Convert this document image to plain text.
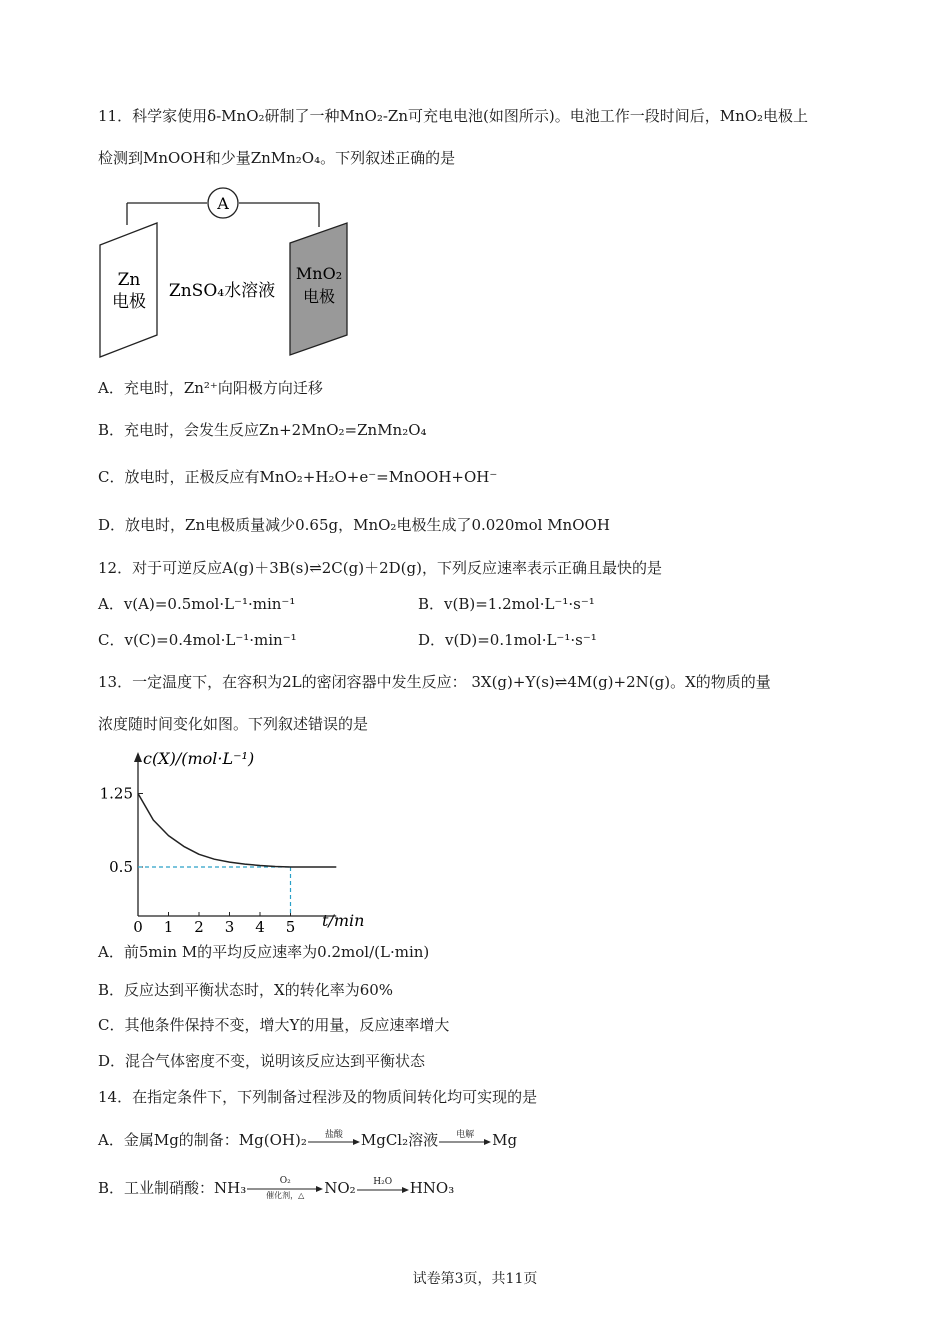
11．科学家使用δ-MnO₂研制了一种MnO₂-Zn可充电电池(如图所示)。电池工作一段时间后，MnO₂电极上
检测到MnOOH和少量ZnMn₂O₄。下列叙述正确的是
A
Zn
电极
ZnSO₄水溶液
MnO₂
电极
A．充电时，Zn²⁺向阳极方向迁移
B．充电时，会发生反应Zn+2MnO₂=ZnMn₂O₄
C．放电时，正极反应有MnO₂+H₂O+e⁻=MnOOH+OH⁻
D．放电时，Zn电极质量减少0.65g，MnO₂电极生成了0.020mol MnOOH
12．对于可逆反应A(g)＋3B(s)⇌2C(g)＋2D(g)，下列反应速率表示正确且最快的是
A．v(A)=0.5mol·L⁻¹·min⁻¹	B．v(B)=1.2mol·L⁻¹·s⁻¹
C．v(C)=0.4mol·L⁻¹·min⁻¹	D．v(D)=0.1mol·L⁻¹·s⁻¹
13．一定温度下，在容积为2L的密闭容器中发生反应： 3X(g)+Y(s)⇌4M(g)+2N(g)。X的物质的量
浓度随时间变化如图。下列叙述错误的是
c(X)/(mol·L⁻¹)
t/min
0 1 2 3 4 5
1.25
0.5
A．前5min M的平均反应速率为0.2mol/(L·min)
B．反应达到平衡状态时，X的转化率为60%
C．其他条件保持不变，增大Y的用量，反应速率增大
D．混合气体密度不变，说明该反应达到平衡状态
14．在指定条件下，下列制备过程涉及的物质间转化均可实现的是
A．金属Mg的制备：Mg(OH)₂	盐酸	MgCl₂溶液	电解	Mg
B．工业制硝酸：NH₃	O₂
催化剂，△	NO₂	H₂O	HNO₃
试卷第3页，共11页
